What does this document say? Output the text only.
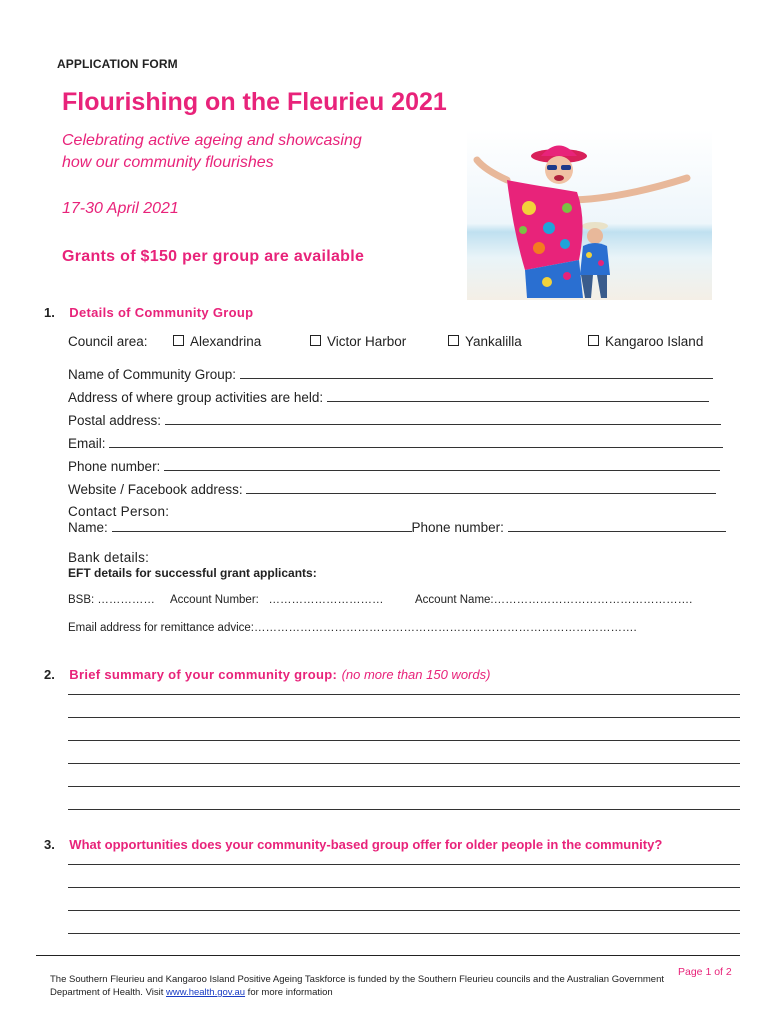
APPLICATION FORM
Flourishing on the Fleurieu 2021
Celebrating active ageing and showcasing
how our community flourishes
17-30 April 2021
Grants of $150 per group are available
1. Details of Community Group
Council area:	Alexandrina	Victor Harbor	Yankalilla	Kangaroo Island
Name of Community Group:
Address of where group activities are held:
Postal address:
Email:
Phone number:
Website / Facebook address:
Contact Person:
Name:	Phone number:
Bank details:
EFT details for successful grant applicants:
BSB: …………… Account Number:   …………………………	Account Name:…………………………………………….
Email address for remittance advice:……………………………………………………………………………………….
2. Brief summary of your community group: (no more than 150 words)
3. What opportunities does your community-based group offer for older people in the community?
Page 1 of 2
The Southern Fleurieu and Kangaroo Island Positive Ageing Taskforce is funded by the Southern Fleurieu councils and the Australian Government
Department of Health. Visit www.health.gov.au for more information
